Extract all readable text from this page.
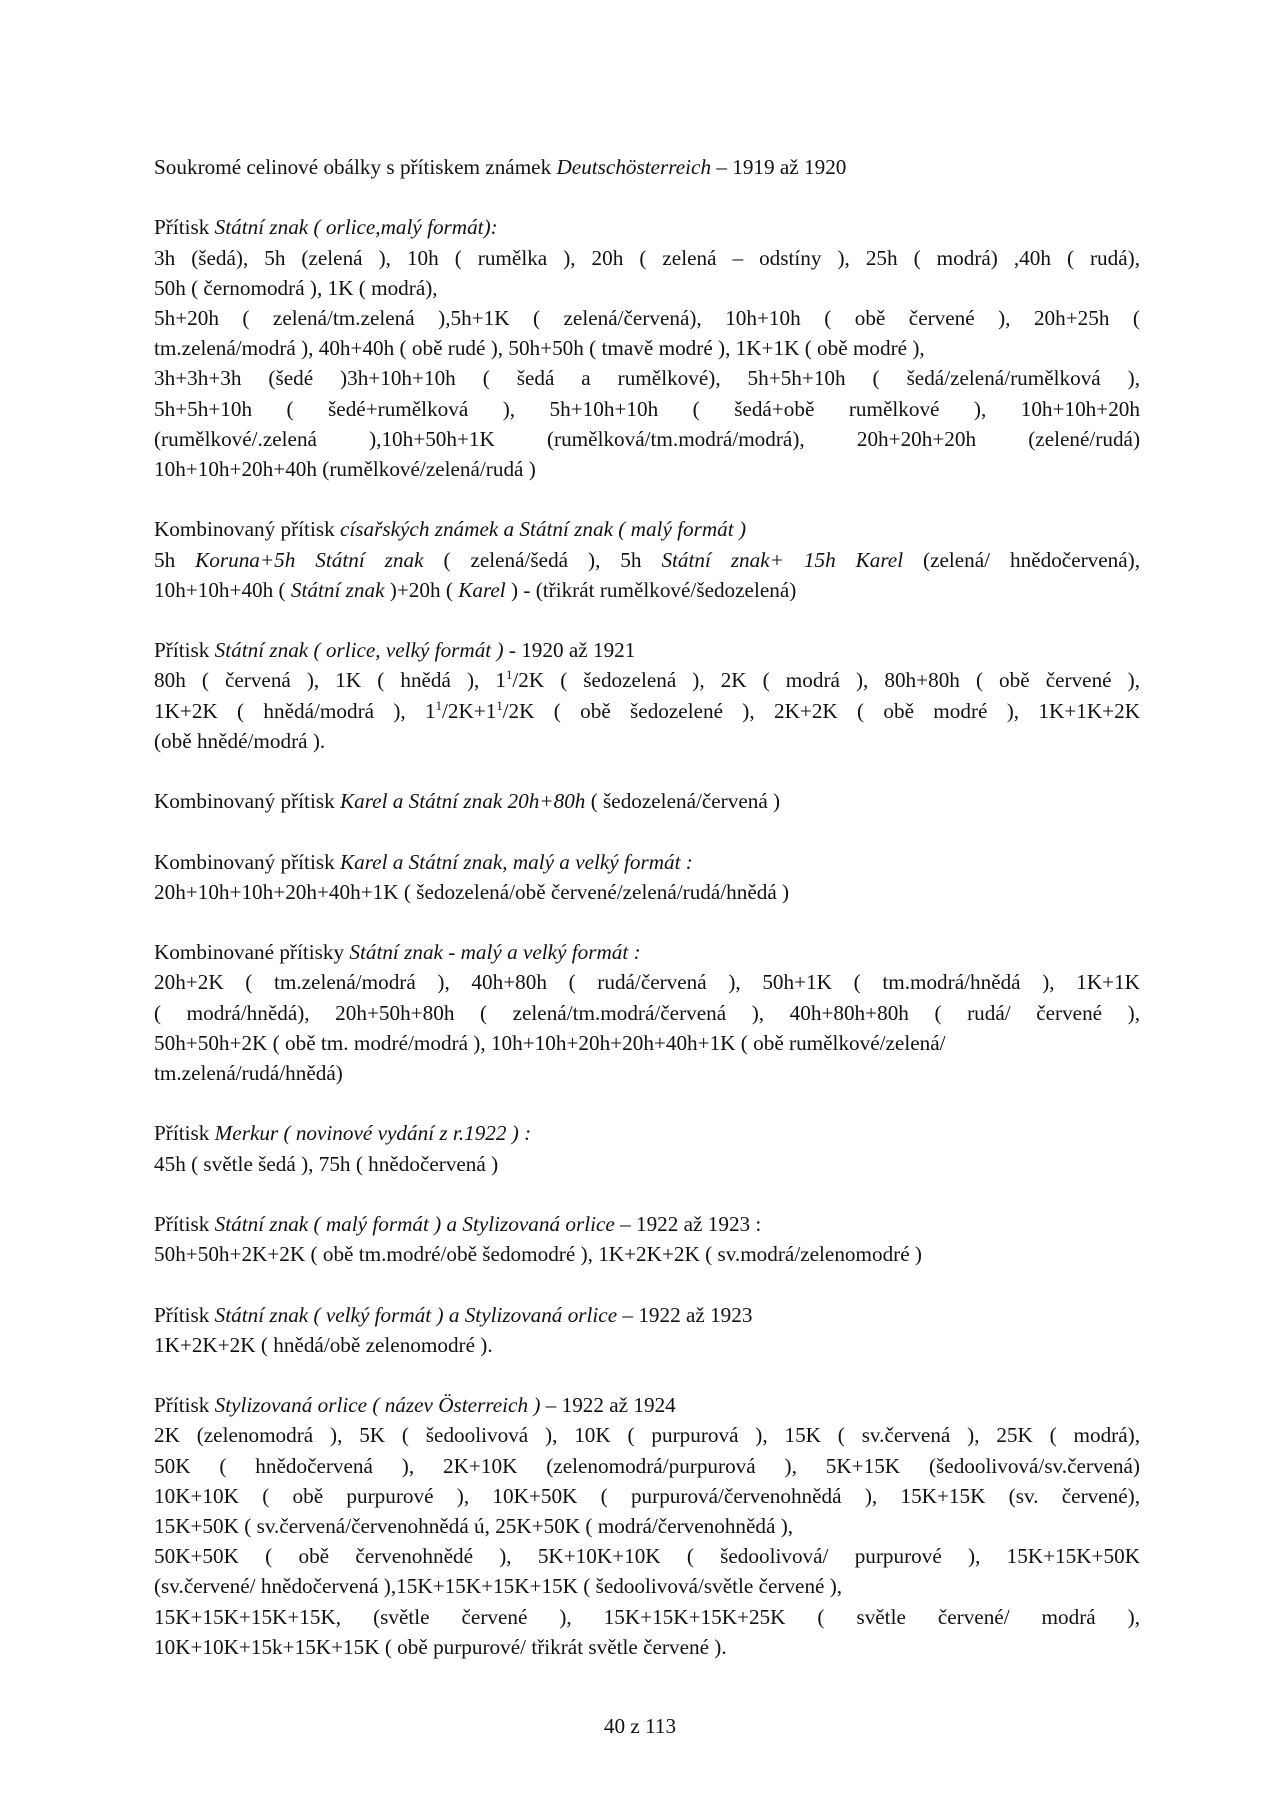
Soukromé celinové obálky s přítiskem známek Deutschösterreich – 1919 až 1920
Přítisk Státní znak ( orlice,malý formát):
3h (šedá), 5h (zelená ), 10h ( rumělka ), 20h ( zelená – odstíny ), 25h ( modrá) ,40h ( rudá),
50h ( černomodrá ), 1K ( modrá),
5h+20h ( zelená/tm.zelená ),5h+1K ( zelená/červená), 10h+10h ( obě červené ), 20h+25h (
tm.zelená/modrá ), 40h+40h ( obě rudé ), 50h+50h ( tmavě modré ), 1K+1K ( obě modré ),
3h+3h+3h (šedé )3h+10h+10h ( šedá a rumělkové), 5h+5h+10h ( šedá/zelená/rumělková ),
5h+5h+10h ( šedé+rumělková ), 5h+10h+10h ( šedá+obě rumělkové ), 10h+10h+20h
(rumělkové/.zelená ),10h+50h+1K (rumělková/tm.modrá/modrá), 20h+20h+20h (zelené/rudá)
10h+10h+20h+40h (rumělkové/zelená/rudá )
Kombinovaný přítisk císařských známek a Státní znak ( malý formát )
5h Koruna+5h Státní znak ( zelená/šedá ), 5h Státní znak+ 15h Karel (zelená/ hnědočervená),
10h+10h+40h ( Státní znak )+20h ( Karel ) - (třikrát rumělkové/šedozelená)
Přítisk Státní znak ( orlice, velký formát ) - 1920 až 1921
80h ( červená ), 1K ( hnědá ), $1^1/2K$ ( šedozelená ), 2K ( modrá ), 80h+80h ( obě červené ),
1K+2K ( hnědá/modrá ), $1^1/2K+1^1/2K$ ( obě šedozelené ), 2K+2K ( obě modré ), 1K+1K+2K
(obě hnědé/modrá ).
Kombinovaný přítisk Karel a Státní znak 20h+80h ( šedozelená/červená )
Kombinovaný přítisk Karel a Státní znak, malý a velký formát :
20h+10h+10h+20h+40h+1K ( šedozelená/obě červené/zelená/rudá/hnědá )
Kombinované přítisky Státní znak - malý a velký formát :
20h+2K ( tm.zelená/modrá ), 40h+80h ( rudá/červená ), 50h+1K ( tm.modrá/hnědá ), 1K+1K
( modrá/hnědá), 20h+50h+80h ( zelená/tm.modrá/červená ), 40h+80h+80h ( rudá/ červené ),
50h+50h+2K ( obě tm. modré/modrá ), 10h+10h+20h+20h+40h+1K ( obě rumělkové/zelená/
tm.zelená/rudá/hnědá)
Přítisk Merkur ( novinové vydání z r.1922 ) :
45h ( světle šedá ), 75h ( hnědočervená )
Přítisk Státní znak ( malý formát ) a Stylizovaná orlice – 1922 až 1923 :
50h+50h+2K+2K ( obě tm.modré/obě šedomodré ), 1K+2K+2K ( sv.modrá/zelenomodré )
Přítisk Státní znak ( velký formát ) a Stylizovaná orlice – 1922 až 1923
1K+2K+2K ( hnědá/obě zelenomodré ).
Přítisk Stylizovaná orlice ( název Österreich ) – 1922 až 1924
2K (zelenomodrá ), 5K ( šedoolivová ), 10K ( purpurová ), 15K ( sv.červená ), 25K ( modrá),
50K ( hnědočervená ), 2K+10K (zelenomodrá/purpurová ), 5K+15K (šedoolivová/sv.červená)
10K+10K ( obě purpurové ), 10K+50K ( purpurová/červenohnědá ), 15K+15K (sv. červené),
15K+50K ( sv.červená/červenohnědá ú, 25K+50K ( modrá/červenohnědá ),
50K+50K ( obě červenohnědé ), 5K+10K+10K ( šedoolivová/ purpurové ), 15K+15K+50K
(sv.červené/ hnědočervená ),15K+15K+15K+15K ( šedoolivová/světle červené ),
15K+15K+15K+15K, (světle červené ), 15K+15K+15K+25K ( světle červené/ modrá ),
10K+10K+15k+15K+15K ( obě purpurové/ třikrát světle červené ).
40 z 113
